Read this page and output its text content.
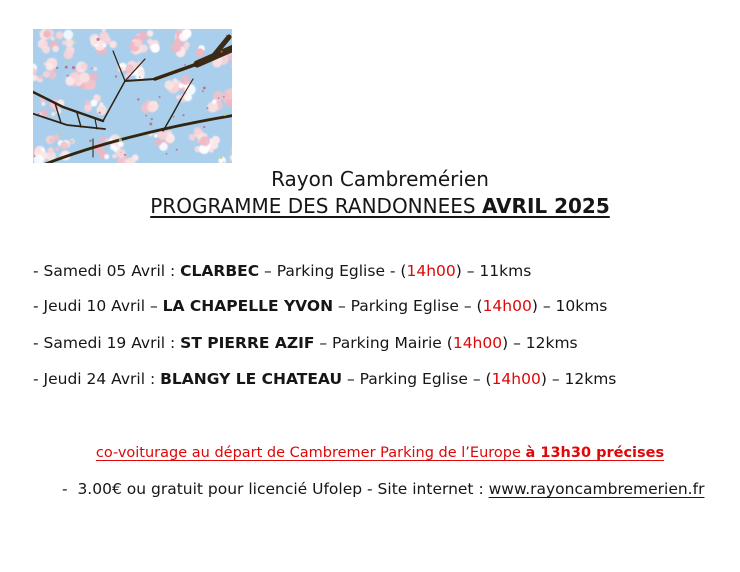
Rayon Cambremérien
PROGRAMME DES RANDONNEES AVRIL 2025
- Samedi 05 Avril : CLARBEC – Parking Eglise - (14h00) – 11kms
- Jeudi 10 Avril – LA CHAPELLE YVON – Parking Eglise – (14h00) – 10kms
- Samedi 19 Avril : ST PIERRE AZIF – Parking Mairie (14h00) – 12kms
- Jeudi 24 Avril : BLANGY LE CHATEAU – Parking Eglise – (14h00) – 12kms
co-voiturage au départ de Cambremer Parking de l’Europe à 13h30 précises
-  3.00€ ou gratuit pour licencié Ufolep - Site internet : www.rayoncambremerien.fr
